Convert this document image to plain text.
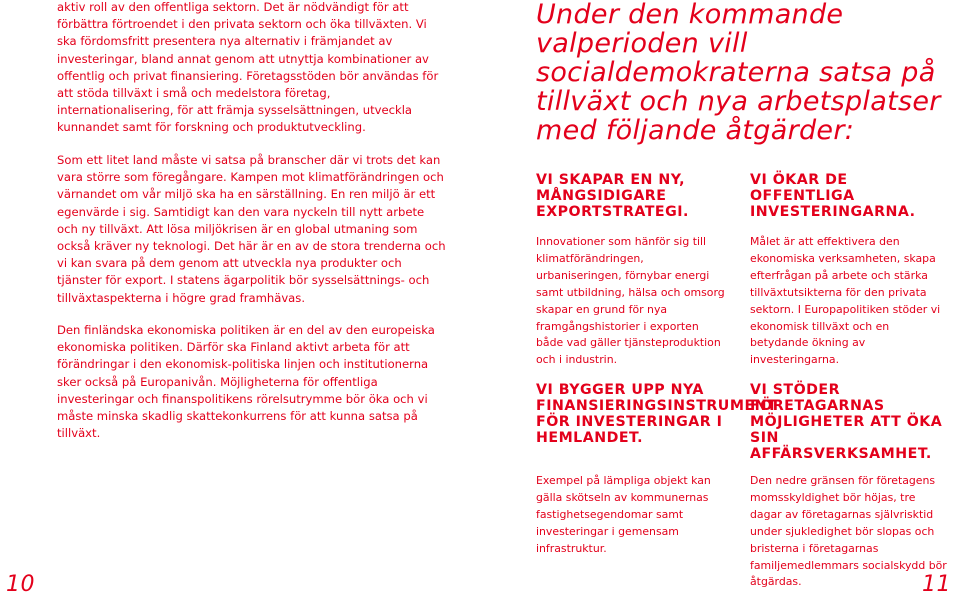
aktiv roll av den offentliga sektorn. Det är nödvändigt för att förbättra förtroendet i den privata sektorn och öka tillväxten. Vi ska fördomsfritt presentera nya alternativ i främjandet av investeringar, bland annat genom att utnyttja kombinationer av offentlig och privat finansiering. Företagsstöden bör användas för att stöda tillväxt i små och medelstora företag, internationalisering, för att främja sysselsättningen, utveckla kunnandet samt för forskning och produktutveckling.

Som ett litet land måste vi satsa på branscher där vi trots det kan vara större som föregångare. Kampen mot klimatförändringen och värnandet om vår miljö ska ha en särställning. En ren miljö är ett egenvärde i sig. Samtidigt kan den vara nyckeln till nytt arbete och ny tillväxt. Att lösa miljökrisen är en global utmaning som också kräver ny teknologi. Det här är en av de stora trenderna och vi kan svara på dem genom att utveckla nya produkter och tjänster för export. I statens ägarpolitik bör sysselsättnings- och tillväxtaspekterna i högre grad framhävas.

Den finländska ekonomiska politiken är en del av den europeiska ekonomiska politiken. Därför ska Finland aktivt arbeta för att förändringar i den ekonomisk-politiska linjen och institutionerna sker också på Europanivån. Möjligheterna för offentliga investeringar och finanspolitikens rörelsutrymme bör öka och vi måste minska skadlig skattekonkurrens för att kunna satsa på tillväxt.

10
Under den kommande valperioden vill socialdemokraterna satsa på tillväxt och nya arbetsplatser med följande åtgärder:
VI SKAPAR EN NY, MÅNGSIDIGARE EXPORTSTRATEGI.

Innovationer som hänför sig till klimatförändringen, urbaniseringen, förnybar energi samt utbildning, hälsa och omsorg skapar en grund för nya framgångshistorier i exporten både vad gäller tjänsteproduktion och i industrin.

VI ÖKAR DE OFFENTLIGA INVESTERINGARNA.

Målet är att effektivera den ekonomiska verksamheten, skapa efterfrågan på arbete och stärka tillväxtutsikterna för den privata sektorn. I Europapolitiken stöder vi ekonomisk tillväxt och en betydande ökning av investeringarna.

VI BYGGER UPP NYA FINANSIERINGSINSTRUMENT FÖR INVESTERINGAR I HEMLANDET.

Exempel på lämpliga objekt kan gälla skötseln av kommunernas fastighetsegendomar samt investeringar i gemensam infrastruktur.

VI STÖDER FÖRETAGARNAS MÖJLIGHETER ATT ÖKA SIN AFFÄRSVERKSAMHET.

Den nedre gränsen för företagens momsskyldighet bör höjas, tre dagar av företagarnas självrisktid under sjukledighet bör slopas och bristerna i företagarnas familjemedlemmars socialskydd bör åtgärdas.	11
